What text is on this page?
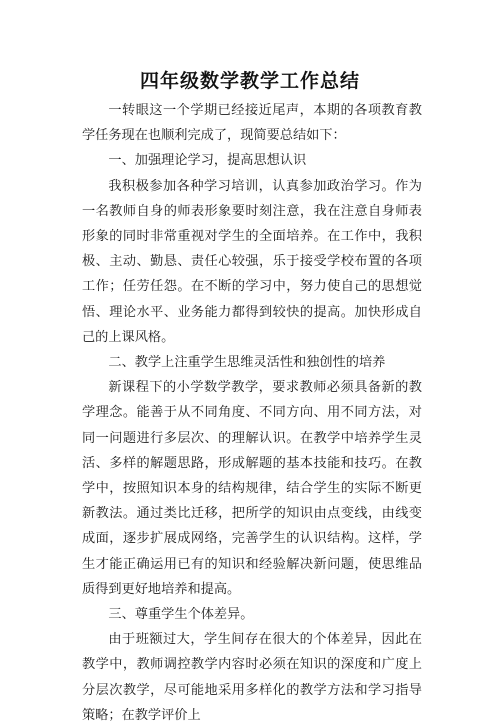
四年级数学教学工作总结

一转眼这一个学期已经接近尾声，本期的各项教育教学任务现在也顺利完成了，现简要总结如下：

一、加强理论学习，提高思想认识

我积极参加各种学习培训，认真参加政治学习。作为一名教师自身的师表形象要时刻注意，我在注意自身师表形象的同时非常重视对学生的全面培养。在工作中，我积极、主动、勤恳、责任心较强，乐于接受学校布置的各项工作；任劳任怨。在不断的学习中，努力使自己的思想觉悟、理论水平、业务能力都得到较快的提高。加快形成自己的上课风格。

二、教学上注重学生思维灵活性和独创性的培养

新课程下的小学数学教学，要求教师必须具备新的教学理念。能善于从不同角度、不同方向、用不同方法，对同一问题进行多层次、的理解认识。在教学中培养学生灵活、多样的解题思路，形成解题的基本技能和技巧。在教学中，按照知识本身的结构规律，结合学生的实际不断更新教法。通过类比迁移，把所学的知识由点变线，由线变成面，逐步扩展成网络，完善学生的认识结构。这样，学生才能正确运用已有的知识和经验解决新问题，使思维品质得到更好地培养和提高。

三、尊重学生个体差异。

由于班额过大，学生间存在很大的个体差异，因此在教学中，教师调控教学内容时必须在知识的深度和广度上分层次教学，尽可能地采用多样化的教学方法和学习指导策略；在教学评价上
